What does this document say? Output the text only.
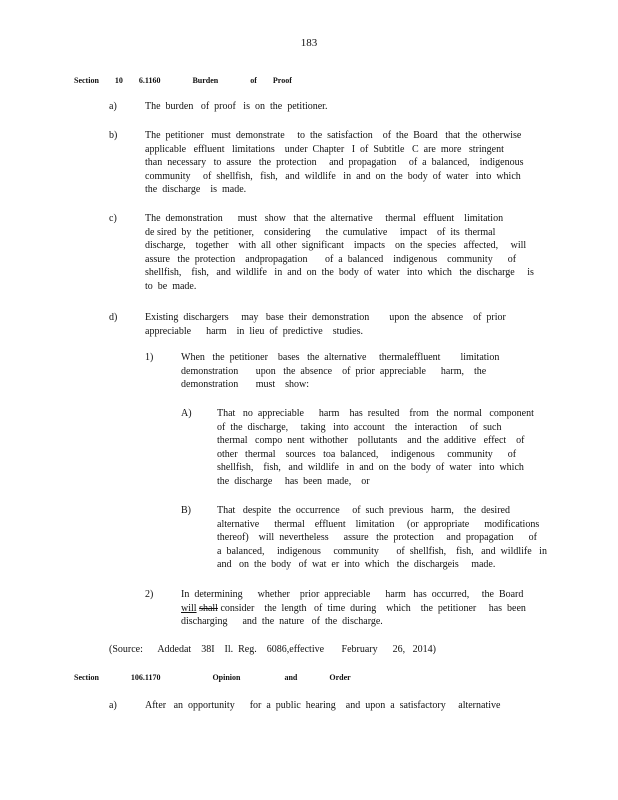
183
Section    10    6.1160        Burden        of    Proof
a)	The  burden   of  proof   is  on  the  petitioner.
b)	The  petitioner   must  demonstrate     to  the  satisfaction    of  the  Board   that  the  otherwise
applicable   effluent   limitations    under  Chapter   I  of  Subtitle   C  are  more   stringent
than  necessary   to  assure   the  protection     and  propagation     of  a  balanced,    indigenous
community     of  shellfish,   fish,   and  wildlife   in  and  on  the  body  of  water   into  which
the  discharge    is  made.
c)	The  demonstration      must   show   that  the  alternative     thermal   effluent    limitation
de sired  by  the  petitioner,    considering      the  cumulative     impact    of  its  thermal
discharge,    together    with  all  other  significant    impacts    on  the  species   affected,     will
assure   the  protection    andpropagation       of  a  balanced    indigenous    community      of
shellfish,    fish,   and  wildlife   in  and  on  the  body  of  water   into  which   the  discharge     is
to  be  made.
d)	Existing  dischargers     may   base  their  demonstration        upon  the  absence    of  prior
appreciable      harm    in  lieu  of  predictive    studies.
1)	When   the  petitioner    bases   the  alternative     thermaleffluent        limitation
demonstration       upon   the  absence    of  prior  appreciable      harm,    the
demonstration       must    show:
A)	That   no  appreciable      harm    has  resulted    from   the  normal   component
of  the  discharge,     taking   into  account    the   interaction     of  such
thermal   compo  nent  withother    pollutants    and  the  additive   effect    of
other   thermal    sources   toa  balanced,     indigenous     community      of
shellfish,    fish,   and  wildlife   in  and  on  the  body  of  water   into  which
the  discharge     has  been  made,    or
B)	That   despite   the  occurrence     of  such  previous   harm,    the  desired
alternative      thermal    effluent    limitation     (or  appropriate      modifications
thereof)    will  nevertheless      assure   the  protection     and  propagation      of
a  balanced,     indigenous     community       of  shellfish,    fish,   and  wildlife   in
and   on  the  body   of  wat  er  into  which   the  dischargeis     made.
2)	In  determining      whether    prior  appreciable      harm   has  occurred,     the  Board
will shall consider    the  length   of  time  during    which    the  petitioner     has  been
discharging      and  the  nature   of  the  discharge.
(Source:      Addedat    38I    Il.  Reg.    6086,effective       February      26,   2014)
Section        106.1170             Opinion           and        Order
a)	After   an  opportunity      for  a  public  hearing    and  upon  a  satisfactory     alternative
